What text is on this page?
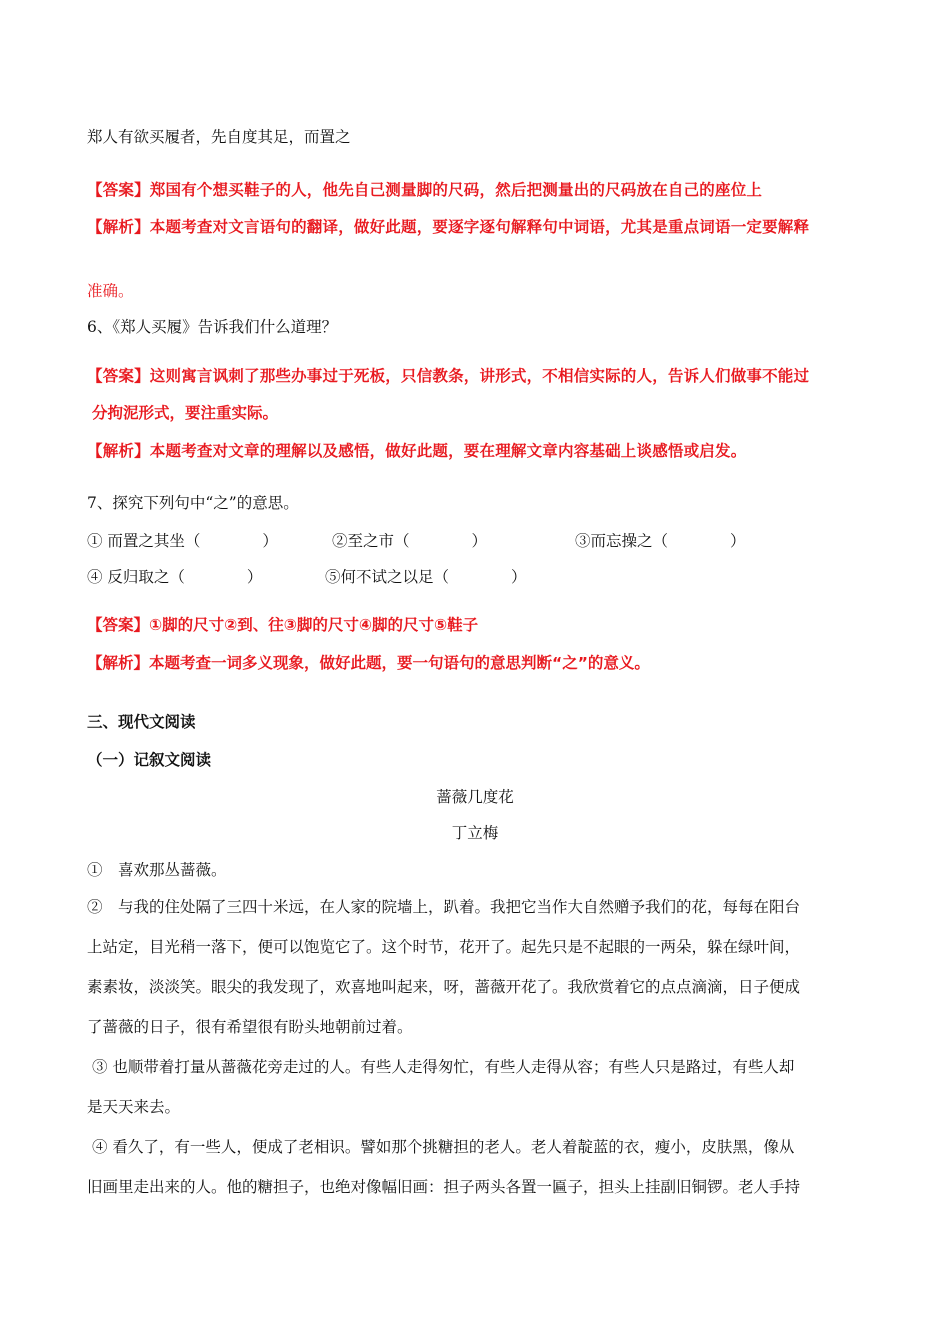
郑人有欲买履者，先自度其足，而置之
【答案】郑国有个想买鞋子的人，他先自己测量脚的尺码，然后把测量出的尺码放在自己的座位上
【解析】本题考查对文言语句的翻译，做好此题，要逐字逐句解释句中词语，尤其是重点词语一定要解释
准确。
6、《郑人买履》告诉我们什么道理？
【答案】这则寓言讽刺了那些办事过于死板，只信教条，讲形式，不相信实际的人，告诉人们做事不能过
分拘泥形式，要注重实际。
【解析】本题考查对文章的理解以及感悟，做好此题，要在理解文章内容基础上谈感悟或启发。
7、探究下列句中“之”的意思。
① 而置之其坐（　　　　）	②至之市（　　　　）	③而忘操之（　　　　）
④ 反归取之（　　　　）	⑤何不试之以足（　　　　）
【答案】①脚的尺寸②到、往③脚的尺寸④脚的尺寸⑤鞋子
【解析】本题考查一词多义现象，做好此题，要一句语句的意思判断“之”的意义。
三、现代文阅读
（一）记叙文阅读
蔷薇几度花
丁立梅
①　喜欢那丛蔷薇。
②　与我的住处隔了三四十米远，在人家的院墙上，趴着。我把它当作大自然赠予我们的花，每每在阳台
上站定，目光稍一落下，便可以饱览它了。这个时节，花开了。起先只是不起眼的一两朵，躲在绿叶间，
素素妆，淡淡笑。眼尖的我发现了，欢喜地叫起来，呀，蔷薇开花了。我欣赏着它的点点滴滴，日子便成
了蔷薇的日子，很有希望很有盼头地朝前过着。
③ 也顺带着打量从蔷薇花旁走过的人。有些人走得匆忙，有些人走得从容；有些人只是路过，有些人却
是天天来去。
④ 看久了，有一些人，便成了老相识。譬如那个挑糖担的老人。老人着靛蓝的衣，瘦小，皮肤黑，像从
旧画里走出来的人。他的糖担子，也绝对像幅旧画：担子两头各置一匾子，担头上挂副旧铜锣。老人手持
